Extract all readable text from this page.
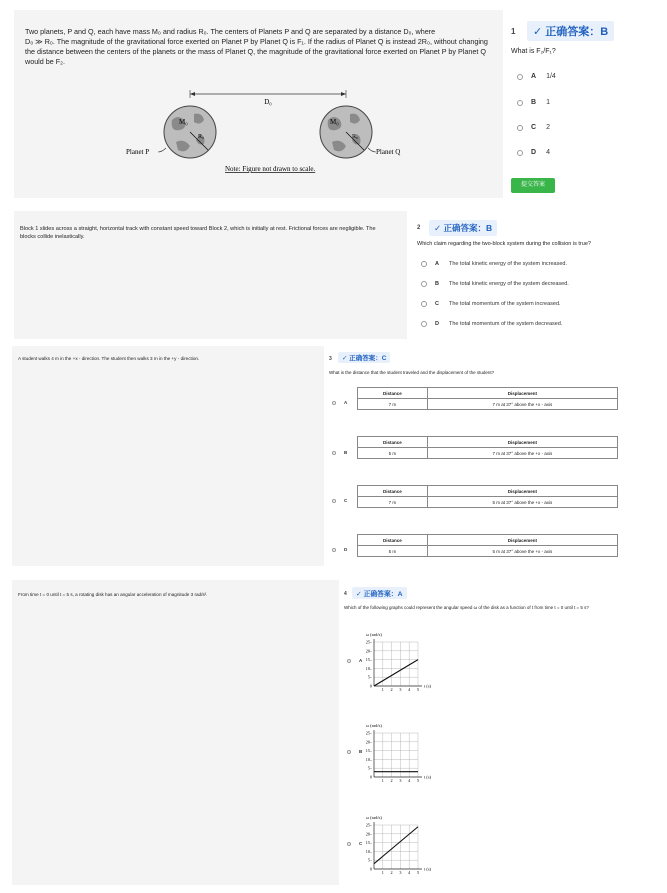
Two planets, P and Q, each have mass M₀ and radius R₀. The centers of Planets P and Q are separated by a distance D₀, where
D₀ ≫ R₀. The magnitude of the gravitational force exerted on Planet P by Planet Q is F₁. If the radius of Planet Q is instead 2R₀, without changing
the distance between the centers of the planets or the mass of Planet Q, the magnitude of the gravitational force exerted on Planet P by Planet Q
would be F₂.
D₀
M₀
R₀
M₀
R₀
Planet P	Planet Q
Note: Figure not drawn to scale.
1	✓ 正确答案：B
What is F₂/F₁?
A 1/4
B 1
C 2
D 4
提交答案
Block 1 slides across a straight, horizontal track with constant speed toward Block 2, which is initially at rest. Frictional forces are negligible. The
blocks collide inelastically.
2	✓ 正确答案：B
Which claim regarding the two-block system during the collision is true?
A The total kinetic energy of the system increased.
B The total kinetic energy of the system decreased.
C The total momentum of the system increased.
D The total momentum of the system decreased.
A student walks 4 m in the +x - direction. The student then walks 3 m in the +y - direction.	3	✓ 正确答案：C
What is the distance that the student traveled and the displacement of the student?
A
Distance	Displacement
7 m	7 m at 37° above the +x - axis
B
Distance	Displacement
5 m	7 m at 37° above the +x - axis
C
Distance	Displacement
7 m	5 m at 37° above the +x - axis
D
Distance	Displacement
5 m	5 m at 37° above the +x - axis
From time t = 0 until t = 5 s, a rotating disk has an angular acceleration of magnitude 3 rad/s².	4	✓ 正确答案：A
Which of the following graphs could represent the angular speed ω of the disk as a function of t from time t = 0 until t = 5 s?
A
ω (rad/s)
25–
20–
15–
10–
5–
0
1 2 3 4 5
t (s)
B
ω (rad/s)
25–
20–
15–
10–
5–
0
1 2 3 4 5
t (s)
C
ω (rad/s)
25–
20–
15–
10–
5–
0
1 2 3 4 5
t (s)
